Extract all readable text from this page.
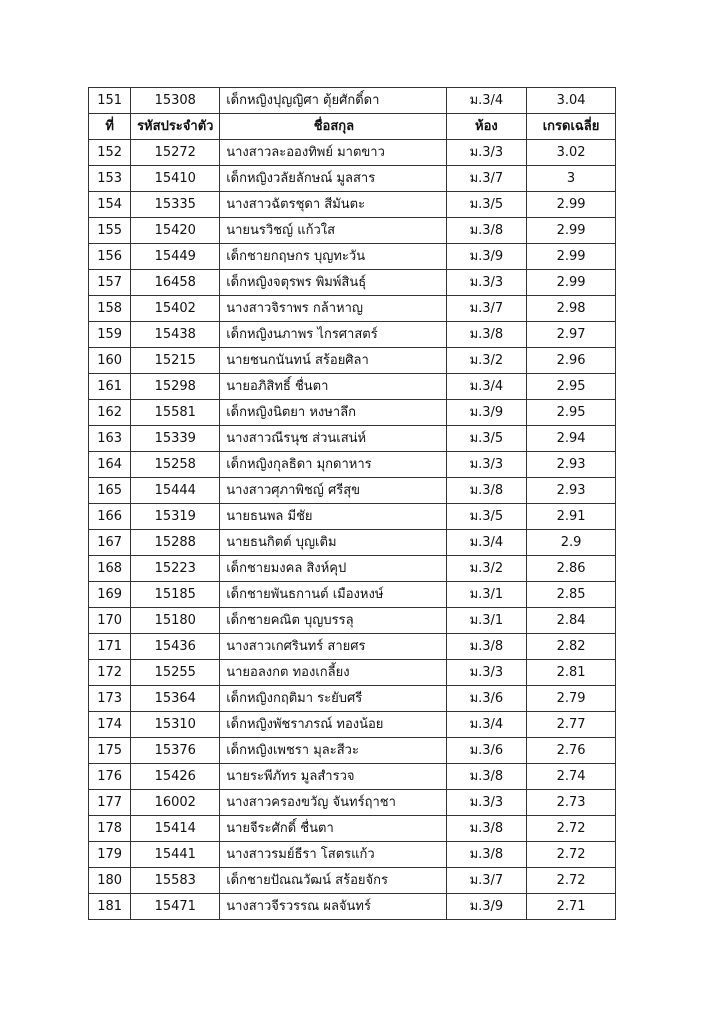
151	15308	เด็กหญิงปุญญิศา ตุ้ยศักดิ์ดา	ม.3/4	3.04
ที่	รหัสประจำตัว	ชื่อสกุล	ห้อง	เกรดเฉลี่ย
152	15272	นางสาวละอองทิพย์ มาตขาว	ม.3/3	3.02
153	15410	เด็กหญิงวลัยลักษณ์ มูลสาร	ม.3/7	3
154	15335	นางสาวฉัตรชุดา สีมันตะ	ม.3/5	2.99
155	15420	นายนรวิชญ์ แก้วใส	ม.3/8	2.99
156	15449	เด็กชายกฤษกร บุญทะวัน	ม.3/9	2.99
157	16458	เด็กหญิงจตุรพร พิมพ์สินธุ์	ม.3/3	2.99
158	15402	นางสาวจิราพร กล้าหาญ	ม.3/7	2.98
159	15438	เด็กหญิงนภาพร ไกรศาสตร์	ม.3/8	2.97
160	15215	นายชนกนันทน์ สร้อยศิลา	ม.3/2	2.96
161	15298	นายอภิสิทธิ์ ชื่นตา	ม.3/4	2.95
162	15581	เด็กหญิงนิตยา หงษาลึก	ม.3/9	2.95
163	15339	นางสาวณีรนุช ส่วนเสน่ห์	ม.3/5	2.94
164	15258	เด็กหญิงกุลธิดา มุกดาหาร	ม.3/3	2.93
165	15444	นางสาวศุภาพิชญ์ ศรีสุข	ม.3/8	2.93
166	15319	นายธนพล มีชัย	ม.3/5	2.91
167	15288	นายธนกิตต์ บุญเติม	ม.3/4	2.9
168	15223	เด็กชายมงคล สิงห์คุป	ม.3/2	2.86
169	15185	เด็กชายพันธกานต์ เมืองหงษ์	ม.3/1	2.85
170	15180	เด็กชายคณิต บุญบรรลุ	ม.3/1	2.84
171	15436	นางสาวเกศรินทร์ สายศร	ม.3/8	2.82
172	15255	นายอลงกต ทองเกลี้ยง	ม.3/3	2.81
173	15364	เด็กหญิงกฤติมา ระยับศรี	ม.3/6	2.79
174	15310	เด็กหญิงพัชราภรณ์ ทองน้อย	ม.3/4	2.77
175	15376	เด็กหญิงเพชรา มุละสีวะ	ม.3/6	2.76
176	15426	นายระพีภัทร มูลสำรวจ	ม.3/8	2.74
177	16002	นางสาวครองขวัญ จันทร์ฤาชา	ม.3/3	2.73
178	15414	นายจีระศักดิ์ ชื่นตา	ม.3/8	2.72
179	15441	นางสาวรมย์ธีรา โสตรแก้ว	ม.3/8	2.72
180	15583	เด็กชายปัณณวัฒน์ สร้อยจักร	ม.3/7	2.72
181	15471	นางสาวจีรวรรณ ผลจันทร์	ม.3/9	2.71
